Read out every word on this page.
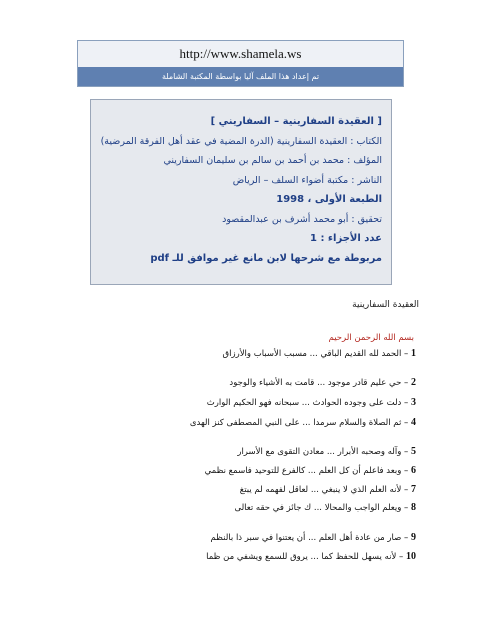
http://www.shamela.ws
تم إعداد هذا الملف آليا بواسطة المكتبة الشاملة
[ العقيدة السفارينية – السفاريني ]
الكتاب : العقيدة السفارينية (الدرة المضية في عقد أهل الفرقة المرضية)
المؤلف : محمد بن أحمد بن سالم بن سليمان السفاريني
الناشر : مكتبة أضواء السلف – الرياض
الطبعة الأولى ، 1998
تحقيق : أبو محمد أشرف بن عبدالمقصود
عدد الأجزاء : 1
مربوطة مع شرحها لابن مانع غير موافق للـ pdf
العقيدة السفارينية
بسم الله الرحمن الرحيم
1 – الحمد لله القديم الباقي ... مسبب الأسباب والأرزاق
2 – حي عليم قادر موجود ... قامت به الأشياء والوجود
3 – دلت على وجوده الحوادث ... سبحانه فهو الحكيم الوارث
4 – ثم الصلاة والسلام سرمدا ... على النبي المصطفى كنز الهدى
5 – وآله وصحبه الأبرار ... معادن التقوى مع الأسرار
6 – وبعد فاعلم أن كل العلم ... كالفرع للتوحيد فاسمع نظمي
7 – لأنه العلم الذي لا ينبغي ... لعاقل لفهمه لم يبتغ
8 – ويعلم الواجب والمحالا ... ك جائز في حقه تعالى
9 – صار من عادة أهل العلم ... أن يعتنوا في سبر ذا بالنظم
10 – لأنه يسهل للحفظ كما ... يروق للسمع ويشفي من ظما
